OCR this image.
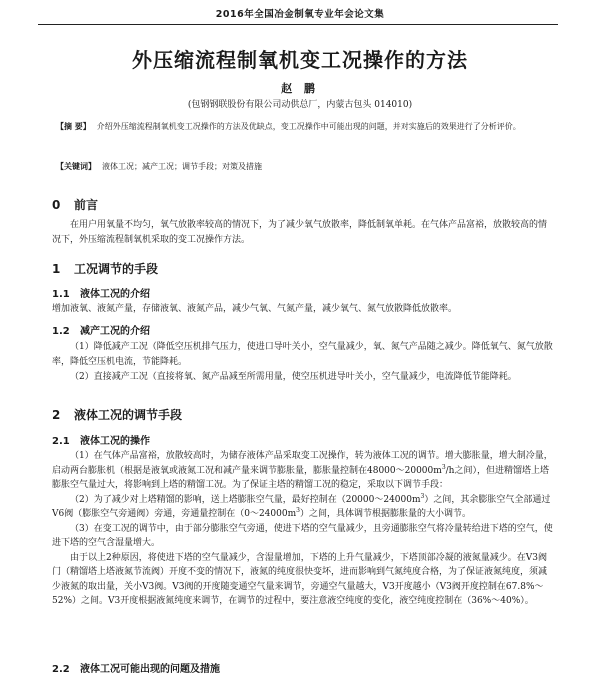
2016年全国冶金制氧专业年会论文集
外压缩流程制氧机变工况操作的方法
赵 鹏
(包钢钢联股份有限公司动供总厂，内蒙古包头 014010)
【摘 要】 介绍外压缩流程制氧机变工况操作的方法及优缺点，变工况操作中可能出现的问题，并对实施后的效果进行了分析评价。
【关键词】 液体工况；减产工况；调节手段；对策及措施
0 前言

在用户用氧量不均匀，氧气放散率较高的情况下，为了减少氧气放散率，降低制氧单耗。在气体产品富裕，放散较高的情况下，外压缩流程制氧机采取的变工况操作方法。

1 工况调节的手段
1.1 液体工况的介绍

增加液氧、液氮产量，存储液氧、液氮产品，减少气氧、气氮产量，减少氧气、氮气放散降低放散率。

1.2 减产工况的介绍

（1）降低减产工况（降低空压机排气压力，使进口导叶关小，空气量减少，氧、氮气产品随之减少。降低氧气、氮气放散率，降低空压机电流，节能降耗。

（2）直接减产工况（直接将氧、氮产品减至所需用量，使空压机进导叶关小，空气量减少，电流降低节能降耗。

2 液体工况的调节手段
2.1 液体工况的操作

（1）在气体产品富裕，放散较高时，为储存液体产品采取变工况操作，转为液体工况的调节。增大膨胀量，增大制冷量，启动两台膨胀机（根据是液氧或液氮工况和减产量来调节膨胀量，膨胀量控制在$48000\sim 20000m^3/h$之间），但进精馏塔上塔膨胀空气量过大，将影响到上塔的精馏工况。为了保证主塔的精馏工况的稳定，采取以下调节手段：

（2）为了减少对上塔精馏的影响，送上塔膨胀空气量，最好控制在$(20000\sim 24000m^3)$之间，其余膨胀空气全部通过V6阀（膨胀空气旁通阀）旁通，旁通量控制在$(0\sim 24000m^3)$之间，具体调节根据膨胀量的大小调节。

（3）在变工况的调节中，由于部分膨胀空气旁通，使进下塔的空气量减少，且旁通膨胀空气将冷量转给进下塔的空气，使进下塔的空气含湿量增大。

由于以上2种原因，将使进下塔的空气量减少，含湿量增加，下塔的上升气量减少，下塔顶部冷凝的液氮量减少。在V3阀门（精馏塔上塔液氮节流阀）开度不变的情况下，液氮的纯度很快变坏，进而影响到气氮纯度合格，为了保证液氮纯度，须减少液氮的取出量，关小V3阀。V3阀的开度随变通空气量来调节，旁通空气量越大，V3开度越小（V3阀开度控制在67.8%～52%）之间。V3开度根据液氮纯度来调节，在调节的过程中，要注意液空纯度的变化，液空纯度控制在（36%～40%）。

2.2 液体工况可能出现的问题及措施
